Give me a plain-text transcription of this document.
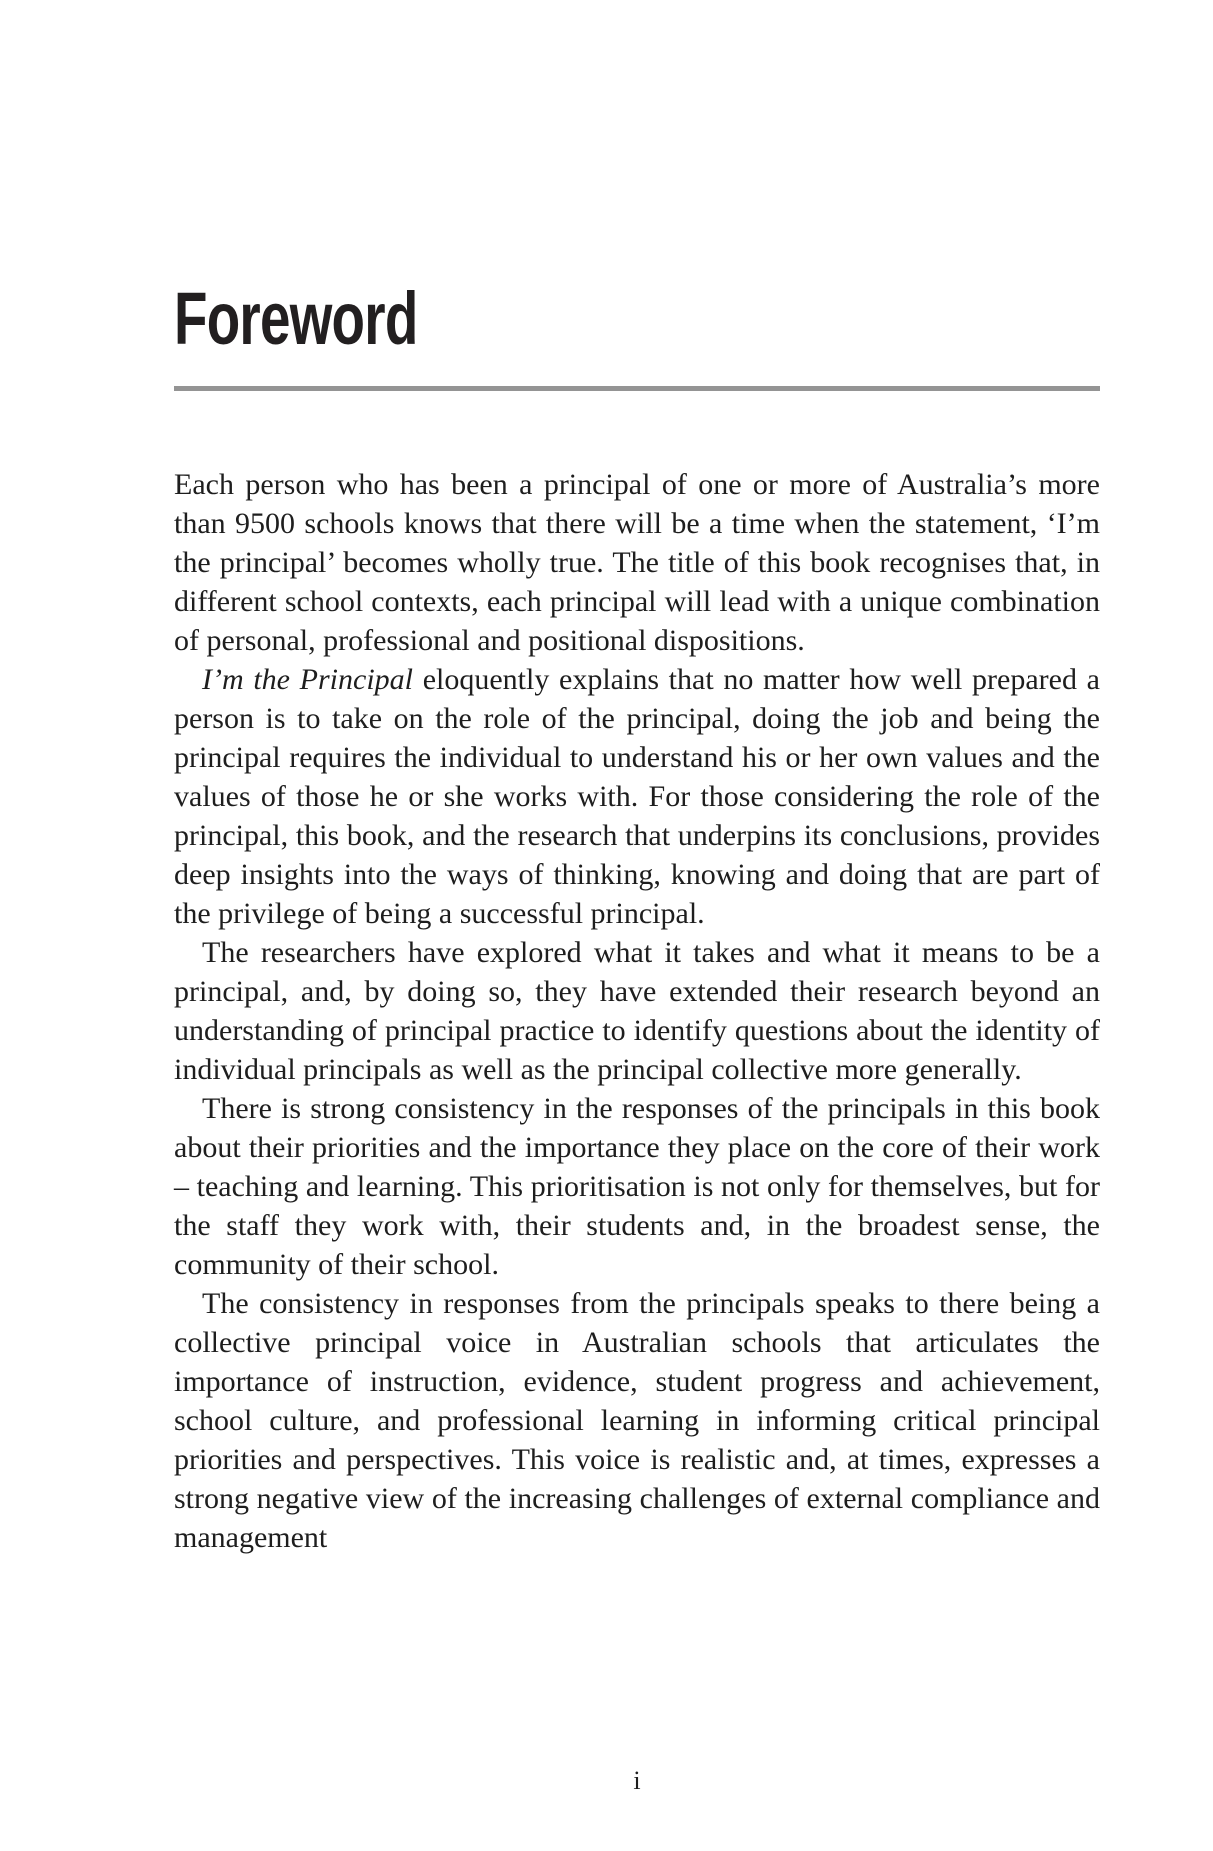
Foreword

Each person who has been a principal of one or more of Australia’s more than 9500 schools knows that there will be a time when the statement, ‘I’m the principal’ becomes wholly true. The title of this book recognises that, in different school contexts, each principal will lead with a unique combination of personal, professional and positional dispositions.

I’m the Principal eloquently explains that no matter how well prepared a person is to take on the role of the principal, doing the job and being the principal requires the individual to understand his or her own values and the values of those he or she works with. For those considering the role of the principal, this book, and the research that underpins its conclusions, provides deep insights into the ways of thinking, knowing and doing that are part of the privilege of being a successful principal.

The researchers have explored what it takes and what it means to be a principal, and, by doing so, they have extended their research beyond an understanding of principal practice to identify questions about the identity of individual principals as well as the principal collective more generally.

There is strong consistency in the responses of the principals in this book about their priorities and the importance they place on the core of their work – teaching and learning. This prioritisation is not only for themselves, but for the staff they work with, their students and, in the broadest sense, the community of their school.

The consistency in responses from the principals speaks to there being a collective principal voice in Australian schools that articulates the importance of instruction, evidence, student progress and achievement, school culture, and professional learning in informing critical principal priorities and perspectives. This voice is realistic and, at times, expresses a strong negative view of the increasing challenges of external compliance and management

i
